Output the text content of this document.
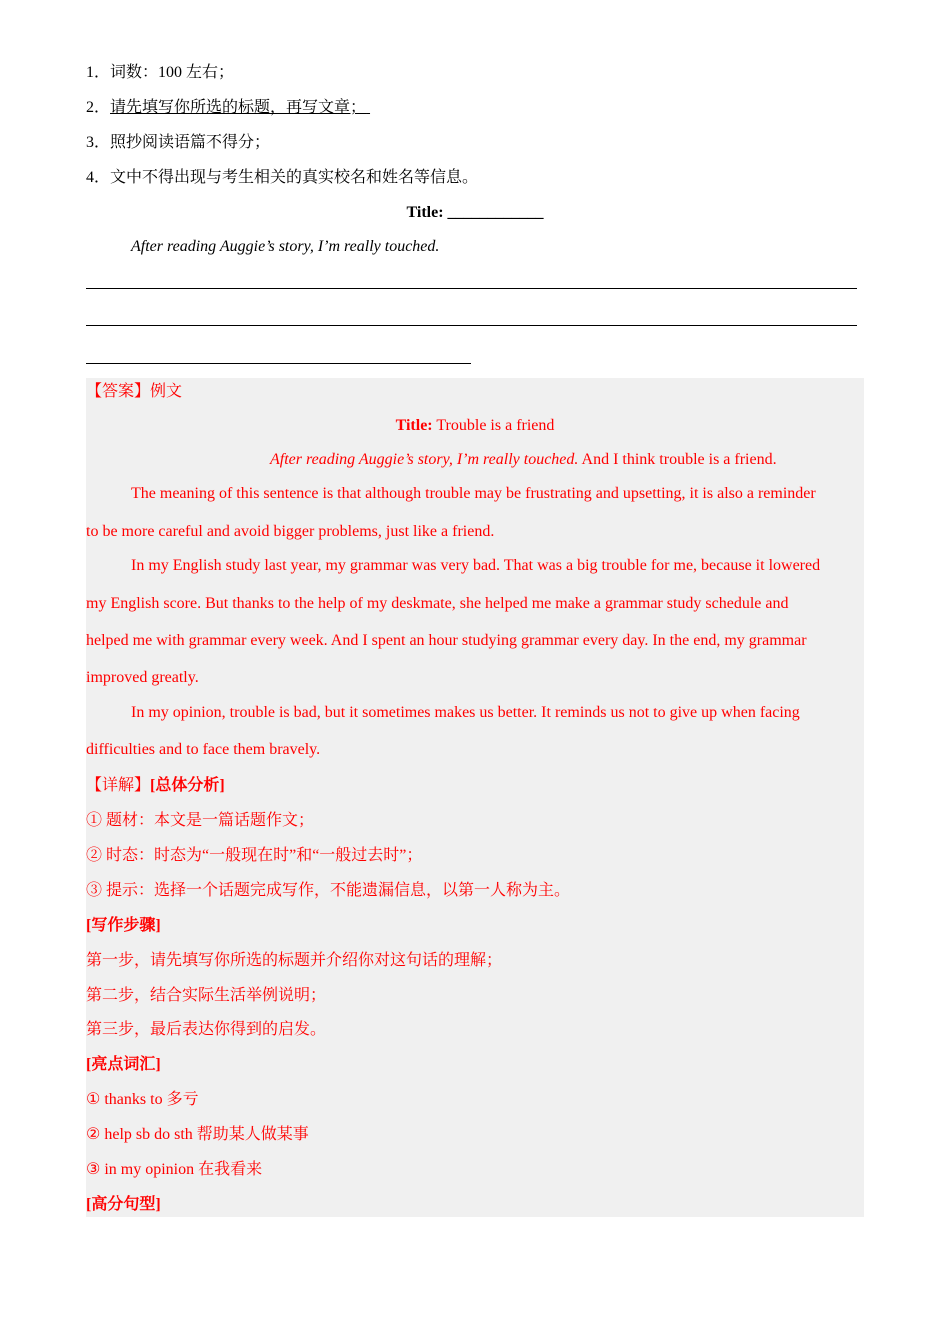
1．词数：100 左右；
2．请先填写你所选的标题，再写文章；
3．照抄阅读语篇不得分；
4．文中不得出现与考生相关的真实校名和姓名等信息。
Title: ____________
After reading Auggie’s story, I’m really touched.
【答案】例文
Title: Trouble is a friend
After reading Auggie’s story, I’m really touched. And I think trouble is a friend.
The meaning of this sentence is that although trouble may be frustrating and upsetting, it is also a reminder
to be more careful and avoid bigger problems, just like a friend.
In my English study last year, my grammar was very bad. That was a big trouble for me, because it lowered
my English score. But thanks to the help of my deskmate, she helped me make a grammar study schedule and
helped me with grammar every week. And I spent an hour studying grammar every day. In the end, my grammar
improved greatly.
In my opinion, trouble is bad, but it sometimes makes us better. It reminds us not to give up when facing
difficulties and to face them bravely.
【详解】[总体分析]
① 题材：本文是一篇话题作文；
② 时态：时态为“一般现在时”和“一般过去时”；
③ 提示：选择一个话题完成写作，不能遗漏信息，以第一人称为主。
[写作步骤]
第一步，请先填写你所选的标题并介绍你对这句话的理解；
第二步，结合实际生活举例说明；
第三步，最后表达你得到的启发。
[亮点词汇]
① thanks to 多亏
② help sb do sth 帮助某人做某事
③ in my opinion 在我看来
[高分句型]
